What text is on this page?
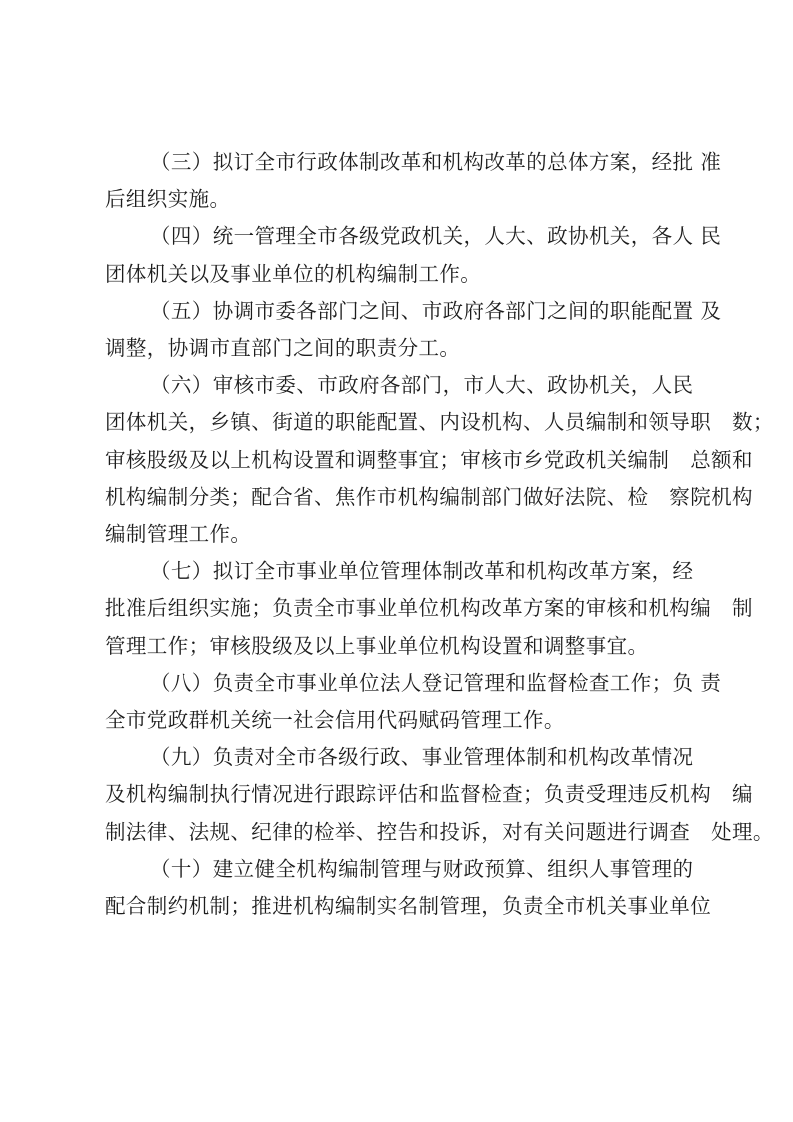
（三）拟订全市行政体制改革和机构改革的总体方案，经批 准
后组织实施。

（四）统一管理全市各级党政机关，人大、政协机关，各人 民
团体机关以及事业单位的机构编制工作。

（五）协调市委各部门之间、市政府各部门之间的职能配置 及
调整，协调市直部门之间的职责分工。

（六）审核市委、市政府各部门，市人大、政协机关，人民
团体机关，乡镇、街道的职能配置、内设机构、人员编制和领导职　数；
审核股级及以上机构设置和调整事宜；审核市乡党政机关编制　总额和
机构编制分类；配合省、焦作市机构编制部门做好法院、检　察院机构
编制管理工作。

（七）拟订全市事业单位管理体制改革和机构改革方案，经
批准后组织实施；负责全市事业单位机构改革方案的审核和机构编　制
管理工作；审核股级及以上事业单位机构设置和调整事宜。

（八）负责全市事业单位法人登记管理和监督检查工作；负 责
全市党政群机关统一社会信用代码赋码管理工作。

（九）负责对全市各级行政、事业管理体制和机构改革情况
及机构编制执行情况进行跟踪评估和监督检查；负责受理违反机构　编
制法律、法规、纪律的检举、控告和投诉，对有关问题进行调查　处理。

（十）建立健全机构编制管理与财政预算、组织人事管理的
配合制约机制；推进机构编制实名制管理，负责全市机关事业单位
